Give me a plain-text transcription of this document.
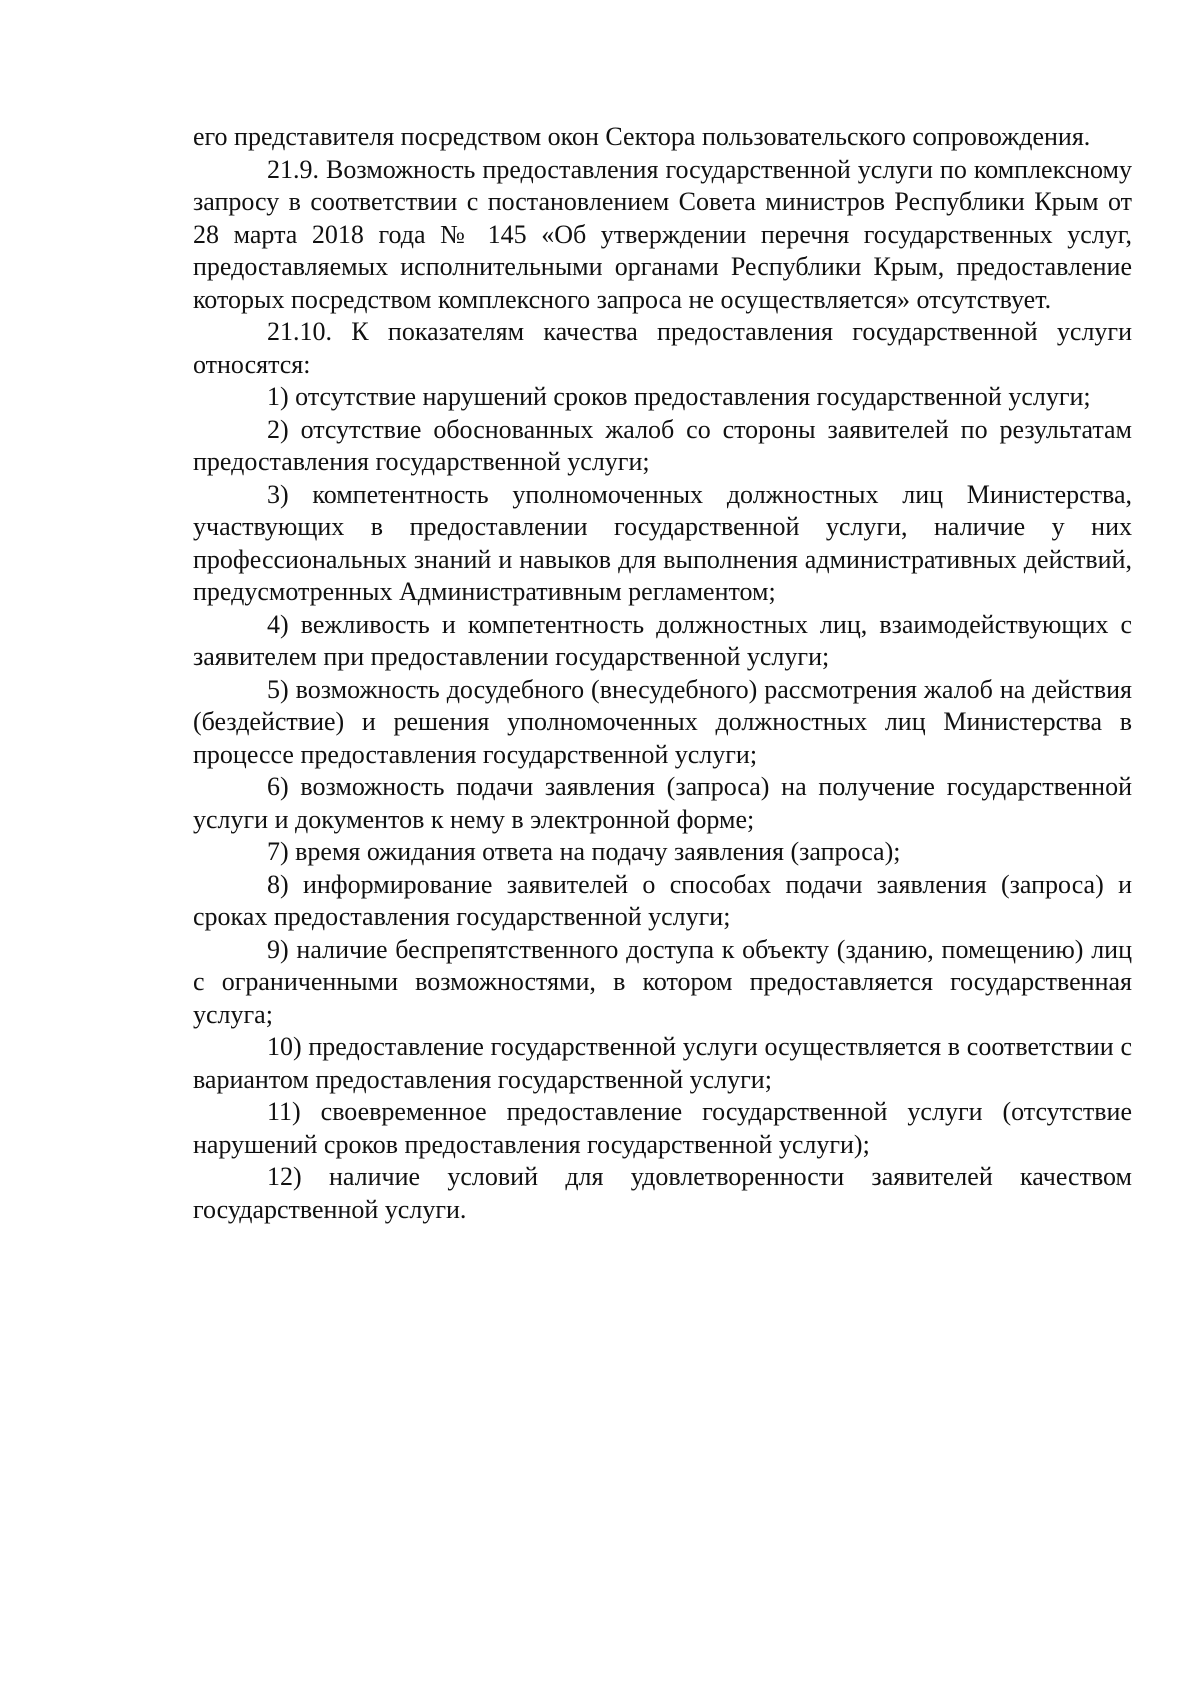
его представителя посредством окон Сектора пользовательского сопровождения.

21.9. Возможность предоставления государственной услуги по комплексному запросу в соответствии с постановлением Совета министров Республики Крым от 28 марта 2018 года № 145 «Об утверждении перечня государственных услуг, предоставляемых исполнительными органами Республики Крым, предоставление которых посредством комплексного запроса не осуществляется» отсутствует.

21.10. К показателям качества предоставления государственной услуги относятся:

1) отсутствие нарушений сроков предоставления государственной услуги;

2) отсутствие обоснованных жалоб со стороны заявителей по результатам предоставления государственной услуги;

3) компетентность уполномоченных должностных лиц Министерства, участвующих в предоставлении государственной услуги, наличие у них профессиональных знаний и навыков для выполнения административных действий, предусмотренных Административным регламентом;

4) вежливость и компетентность должностных лиц, взаимодействующих с заявителем при предоставлении государственной услуги;

5) возможность досудебного (внесудебного) рассмотрения жалоб на действия (бездействие) и решения уполномоченных должностных лиц Министерства в процессе предоставления государственной услуги;

6) возможность подачи заявления (запроса) на получение государственной услуги и документов к нему в электронной форме;

7) время ожидания ответа на подачу заявления (запроса);

8) информирование заявителей о способах подачи заявления (запроса) и сроках предоставления государственной услуги;

9) наличие беспрепятственного доступа к объекту (зданию, помещению) лиц с ограниченными возможностями, в котором предоставляется государственная услуга;

10) предоставление государственной услуги осуществляется в соответствии с вариантом предоставления государственной услуги;

11) своевременное предоставление государственной услуги (отсутствие нарушений сроков предоставления государственной услуги);

12) наличие условий для удовлетворенности заявителей качеством государственной услуги.
